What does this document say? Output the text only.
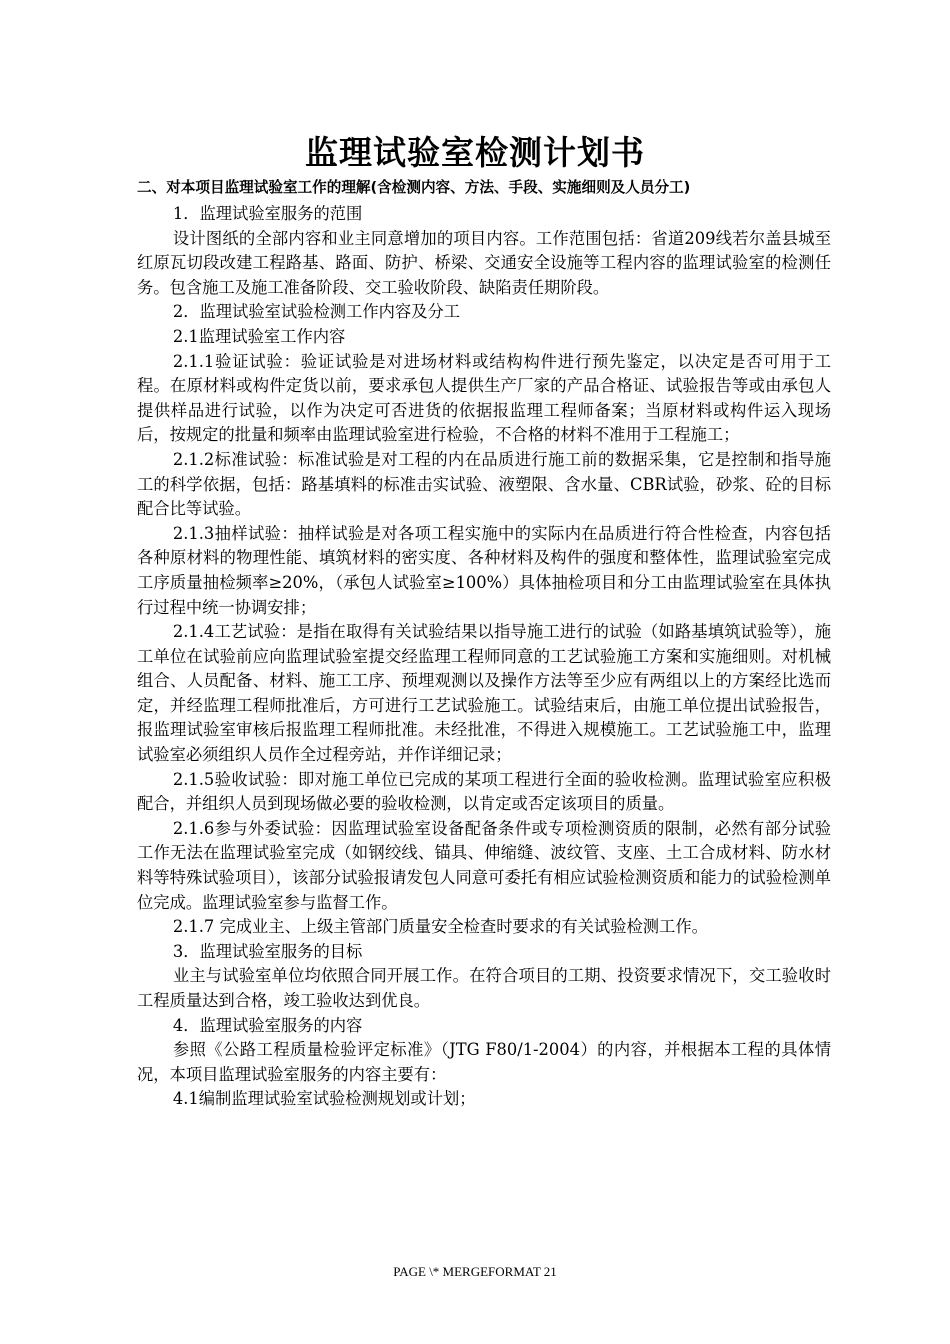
监理试验室检测计划书
二、对本项目监理试验室工作的理解(含检测内容、方法、手段、实施细则及人员分工)

1．监理试验室服务的范围

设计图纸的全部内容和业主同意增加的项目内容。工作范围包括：省道209线若尔盖县城至红原瓦切段改建工程路基、路面、防护、桥梁、交通安全设施等工程内容的监理试验室的检测任务。包含施工及施工准备阶段、交工验收阶段、缺陷责任期阶段。

2．监理试验室试验检测工作内容及分工

2.1监理试验室工作内容

2.1.1验证试验：验证试验是对进场材料或结构构件进行预先鉴定，以决定是否可用于工程。在原材料或构件定货以前，要求承包人提供生产厂家的产品合格证、试验报告等或由承包人提供样品进行试验，以作为决定可否进货的依据报监理工程师备案；当原材料或构件运入现场后，按规定的批量和频率由监理试验室进行检验，不合格的材料不准用于工程施工；

2.1.2标准试验：标准试验是对工程的内在品质进行施工前的数据采集，它是控制和指导施工的科学依据，包括：路基填料的标准击实试验、液塑限、含水量、CBR试验，砂浆、砼的目标配合比等试验。

2.1.3抽样试验：抽样试验是对各项工程实施中的实际内在品质进行符合性检查，内容包括各种原材料的物理性能、填筑材料的密实度、各种材料及构件的强度和整体性，监理试验室完成工序质量抽检频率≥20%，（承包人试验室≥100%）具体抽检项目和分工由监理试验室在具体执行过程中统一协调安排；

2.1.4工艺试验：是指在取得有关试验结果以指导施工进行的试验（如路基填筑试验等），施工单位在试验前应向监理试验室提交经监理工程师同意的工艺试验施工方案和实施细则。对机械组合、人员配备、材料、施工工序、预埋观测以及操作方法等至少应有两组以上的方案经比选而定，并经监理工程师批准后，方可进行工艺试验施工。试验结束后，由施工单位提出试验报告，报监理试验室审核后报监理工程师批准。未经批准，不得进入规模施工。工艺试验施工中，监理试验室必须组织人员作全过程旁站，并作详细记录；

2.1.5验收试验：即对施工单位已完成的某项工程进行全面的验收检测。监理试验室应积极配合，并组织人员到现场做必要的验收检测，以肯定或否定该项目的质量。

2.1.6参与外委试验：因监理试验室设备配备条件或专项检测资质的限制，必然有部分试验工作无法在监理试验室完成（如钢绞线、锚具、伸缩缝、波纹管、支座、土工合成材料、防水材料等特殊试验项目），该部分试验报请发包人同意可委托有相应试验检测资质和能力的试验检测单位完成。监理试验室参与监督工作。

2.1.7 完成业主、上级主管部门质量安全检查时要求的有关试验检测工作。

3．监理试验室服务的目标

业主与试验室单位均依照合同开展工作。在符合项目的工期、投资要求情况下，交工验收时工程质量达到合格，竣工验收达到优良。

4．监理试验室服务的内容

参照《公路工程质量检验评定标准》（JTG F80/1-2004）的内容，并根据本工程的具体情况，本项目监理试验室服务的内容主要有：

4.1编制监理试验室试验检测规划或计划；

PAGE \* MERGEFORMAT 21
